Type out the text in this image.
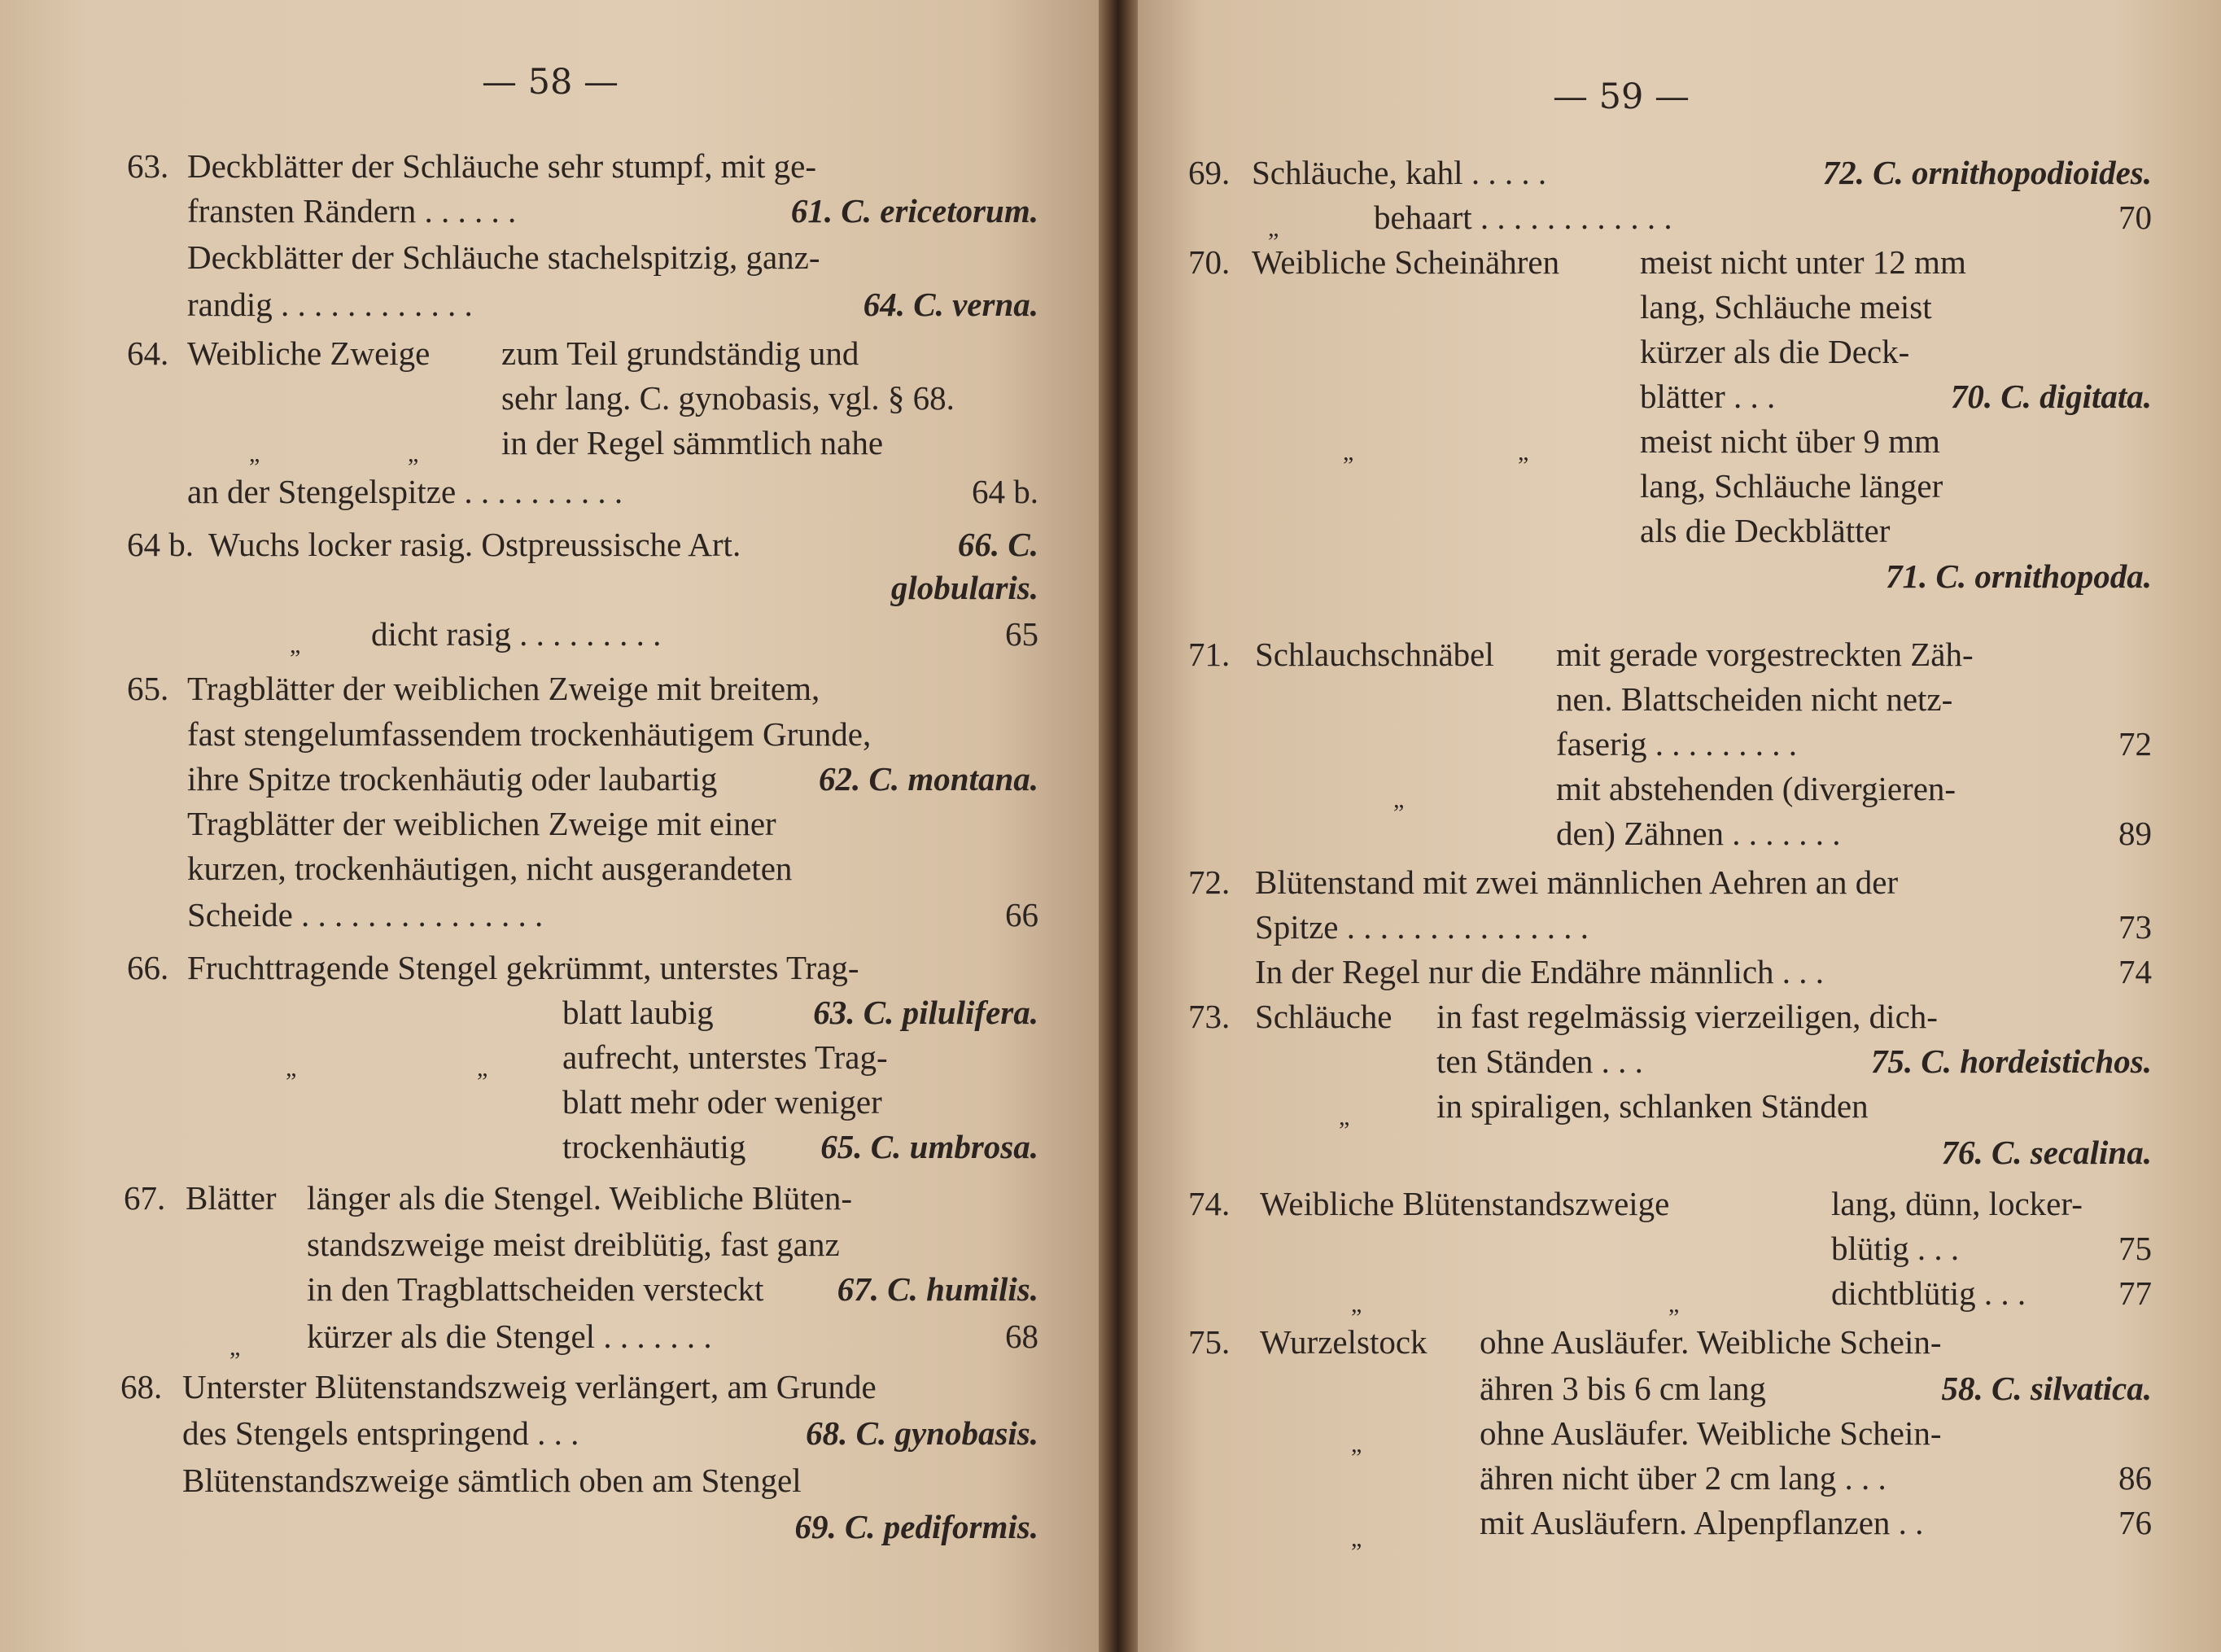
— 58 —
63. Deckblätter der Schläuche sehr stumpf, mit ge-
fransten Rändern . . . . . .	61. C. ericetorum.
Deckblätter der Schläuche stachelspitzig, ganz-
randig . . . . . . . . . . . .	64. C. verna.
64. Weibliche Zweige zum Teil grundständig und
sehr lang. C. gynobasis, vgl. § 68.
„	„ in der Regel sämmtlich nahe
an der Stengelspitze . . . . . . . . . .	64 b.
64 b. Wuchs locker rasig. Ostpreussische Art.	66. C.
globularis.
„ dicht rasig . . . . . . . . .	65
65. Tragblätter der weiblichen Zweige mit breitem,
fast stengelumfassendem trockenhäutigem Grunde,
ihre Spitze trockenhäutig oder laubartig	62. C. montana.
Tragblätter der weiblichen Zweige mit einer
kurzen, trockenhäutigen, nicht ausgerandeten
Scheide . . . . . . . . . . . . . . .	66
66. Fruchttragende Stengel gekrümmt, unterstes Trag-
blatt laubig	63. C. pilulifera.
„	„ aufrecht, unterstes Trag-
blatt mehr oder weniger
trockenhäutig 65. C. umbrosa.
67. Blätter länger als die Stengel. Weibliche Blüten-
standszweige meist dreiblütig, fast ganz
in den Tragblattscheiden versteckt 67. C. humilis.
„ kürzer als die Stengel . . . . . . .	68
68. Unterster Blütenstandszweig verlängert, am Grunde
des Stengels entspringend . . .	68. C. gynobasis.
Blütenstandszweige sämtlich oben am Stengel
69. C. pediformis.
— 59 —
69. Schläuche, kahl . . . . .	72. C. ornithopodioides.
„	behaart . . . . . . . . . . . .	70
70. Weibliche Scheinähren meist nicht unter 12 mm
lang, Schläuche meist
kürzer als die Deck-
blätter . . .	70. C. digitata.
„	„	meist nicht über 9 mm
lang, Schläuche länger
als die Deckblätter
71. C. ornithopoda.
71. Schlauchschnäbel mit gerade vorgestreckten Zäh-
nen. Blattscheiden nicht netz-
faserig . . . . . . . . .	72
„	mit abstehenden (divergieren-
den) Zähnen . . . . . . .	89
72. Blütenstand mit zwei männlichen Aehren an der
Spitze . . . . . . . . . . . . . . .	73
In der Regel nur die Endähre männlich . . .	74
73. Schläuche in fast regelmässig vierzeiligen, dich-
ten Ständen . . .	75. C. hordeistichos.
„	in spiraligen, schlanken Ständen
76. C. secalina.
74. Weibliche Blütenstandszweige	lang, dünn, locker-
blütig . . .	75
„	„	dichtblütig . . .	77
75. Wurzelstock ohne Ausläufer. Weibliche Schein-
ähren 3 bis 6 cm lang	58. C. silvatica.
„	ohne Ausläufer. Weibliche Schein-
ähren nicht über 2 cm lang . . .	86
„	mit Ausläufern. Alpenpflanzen . .	76
